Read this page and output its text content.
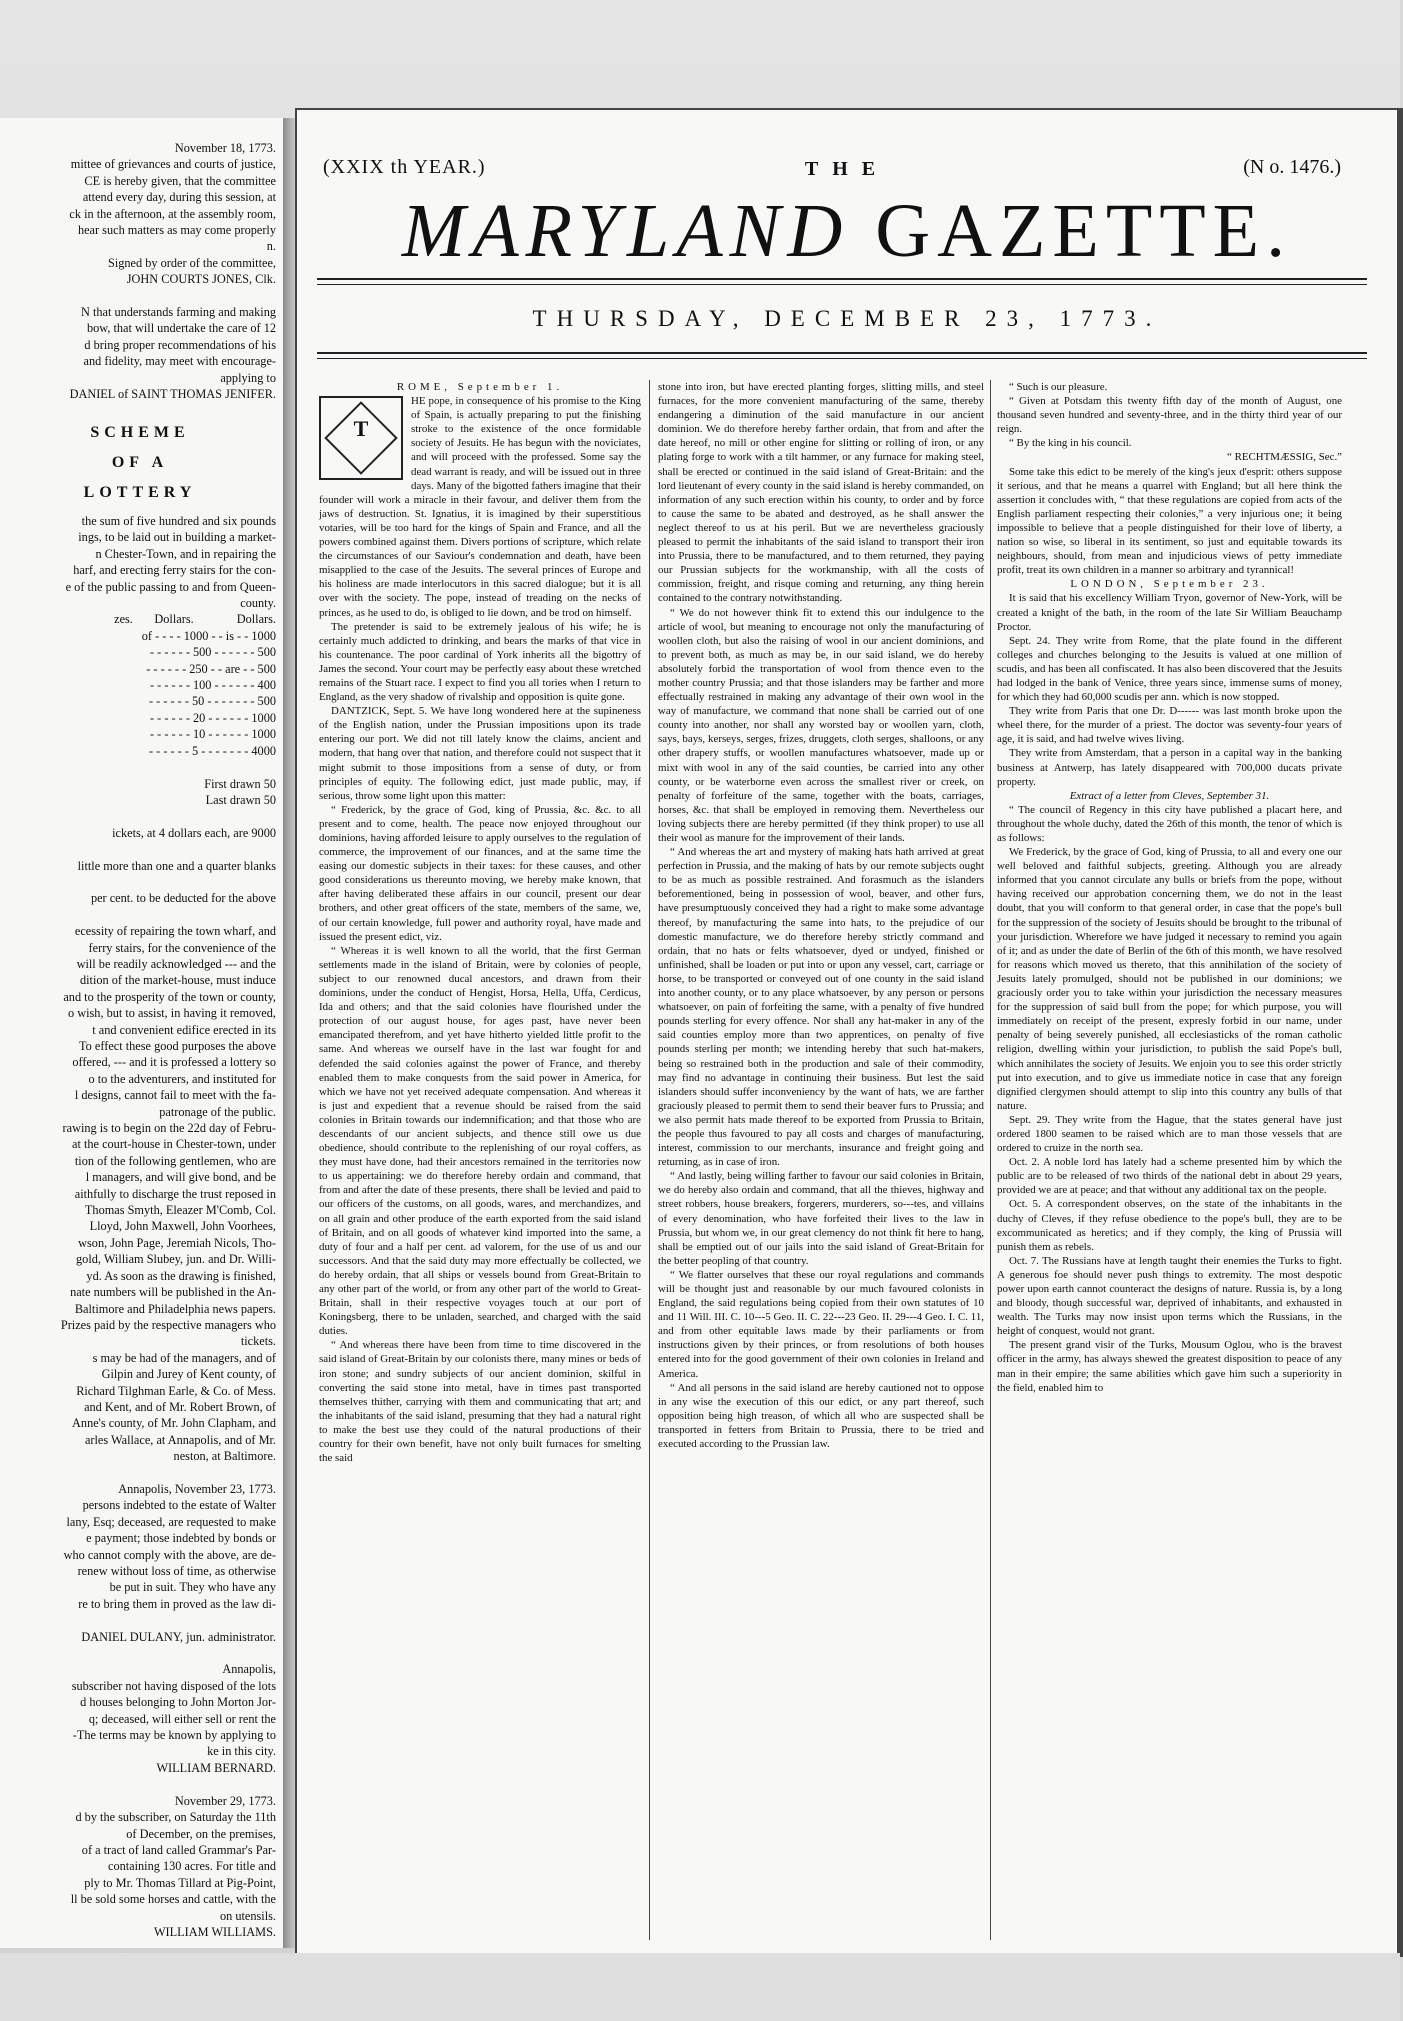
November 18, 1773.
mittee of grievances and courts of justice,
CE is hereby given, that the committee
attend every day, during this session, at
ck in the afternoon, at the assembly room,
hear such matters as may come properly
n.
Signed by order of the committee,
JOHN COURTS JONES, Clk.

N that understands farming and making
bow, that will undertake the care of 12
d bring proper recommendations of his
and fidelity, may meet with encourage-
applying to
DANIEL of SAINT THOMAS JENIFER.
SCHEME
OF A
LOTTERY
the sum of five hundred and six pounds
ings, to be laid out in building a market-
n Chester-Town, and in repairing the
harf, and erecting ferry stairs for the con-
e of the public passing to and from Queen-
county.
zes.       Dollars.              Dollars.
of - - - - 1000 - - is - - 1000
- - - - - - 500 - - - - - - 500
- - - - - - 250 - - are - - 500
- - - - - - 100 - - - - - - 400
- - - - - - 50 - - - - - - - 500
- - - - - - 20 - - - - - - 1000
- - - - - - 10 - - - - - - 1000
- - - - - - 5 - - - - - - - 4000

First drawn 50
Last drawn 50

ickets, at 4 dollars each, are 9000

little more than one and a quarter blanks

per cent. to be deducted for the above

ecessity of repairing the town wharf, and
ferry stairs, for the convenience of the
will be readily acknowledged --- and the
dition of the market-house, must induce
and to the prosperity of the town or county,
o wish, but to assist, in having it removed,
t and convenient edifice erected in its
To effect these good purposes the above
offered, --- and it is professed a lottery so
o to the adventurers, and instituted for
l designs, cannot fail to meet with the fa-
patronage of the public.
rawing is to begin on the 22d day of Febru-
at the court-house in Chester-town, under
tion of the following gentlemen, who are
l managers, and will give bond, and be
aithfully to discharge the trust reposed in
Thomas Smyth, Eleazer M'Comb, Col.
Lloyd, John Maxwell, John Voorhees,
wson, John Page, Jeremiah Nicols, Tho-
gold, William Slubey, jun. and Dr. Willi-
yd. As soon as the drawing is finished,
nate numbers will be published in the An-
Baltimore and Philadelphia news papers.
Prizes paid by the respective managers who
tickets.
s may be had of the managers, and of
Gilpin and Jurey of Kent county, of
Richard Tilghman Earle, & Co. of Mess.
and Kent, and of Mr. Robert Brown, of
Anne's county, of Mr. John Clapham, and
arles Wallace, at Annapolis, and of Mr.
neston, at Baltimore.

Annapolis, November 23, 1773.
persons indebted to the estate of Walter
lany, Esq; deceased, are requested to make
e payment; those indebted by bonds or
who cannot comply with the above, are de-
renew without loss of time, as otherwise
be put in suit. They who have any
re to bring them in proved as the law di-

DANIEL DULANY, jun. administrator.

Annapolis,
subscriber not having disposed of the lots
d houses belonging to John Morton Jor-
q; deceased, will either sell or rent the
-The terms may be known by applying to
ke in this city.
WILLIAM BERNARD.

November 29, 1773.
d by the subscriber, on Saturday the 11th
of December, on the premises,
of a tract of land called Grammar's Par-
containing 130 acres. For title and
ply to Mr. Thomas Tillard at Pig-Point,
ll be sold some horses and cattle, with the
on utensils.
WILLIAM WILLIAMS.

(XXIX th YEAR.)	THE	(N o. 1476.)
MARYLAND GAZETTE.
THURSDAY, DECEMBER 23, 1773.

ROME, September 1.

T

HE pope, in consequence of his promise to the King of Spain, is actually preparing to put the finishing stroke to the existence of the once formidable society of Jesuits. He has begun with the noviciates, and will proceed with the professed. Some say the dead warrant is ready, and will be issued out in three days. Many of the bigotted fathers imagine that their founder will work a miracle in their favour, and deliver them from the jaws of destruction. St. Ignatius, it is imagined by their superstitious votaries, will be too hard for the kings of Spain and France, and all the powers combined against them. Divers portions of scripture, which relate the circumstances of our Saviour's condemnation and death, have been misapplied to the case of the Jesuits. The several princes of Europe and his holiness are made interlocutors in this sacred dialogue; but it is all over with the society. The pope, instead of treading on the necks of princes, as he used to do, is obliged to lie down, and be trod on himself.

The pretender is said to be extremely jealous of his wife; he is certainly much addicted to drinking, and bears the marks of that vice in his countenance. The poor cardinal of York inherits all the bigottry of James the second. Your court may be perfectly easy about these wretched remains of the Stuart race. I expect to find you all tories when I return to England, as the very shadow of rivalship and opposition is quite gone.

DANTZICK, Sept. 5. We have long wondered here at the supineness of the English nation, under the Prussian impositions upon its trade entering our port. We did not till lately know the claims, ancient and modern, that hang over that nation, and therefore could not suspect that it might submit to those impositions from a sense of duty, or from principles of equity. The following edict, just made public, may, if serious, throw some light upon this matter:

“ Frederick, by the grace of God, king of Prussia, &c. &c. to all present and to come, health. The peace now enjoyed throughout our dominions, having afforded leisure to apply ourselves to the regulation of commerce, the improvement of our finances, and at the same time the easing our domestic subjects in their taxes: for these causes, and other good considerations us thereunto moving, we hereby make known, that after having deliberated these affairs in our council, present our dear brothers, and other great officers of the state, members of the same, we, of our certain knowledge, full power and authority royal, have made and issued the present edict, viz.

“ Whereas it is well known to all the world, that the first German settlements made in the island of Britain, were by colonies of people, subject to our renowned ducal ancestors, and drawn from their dominions, under the conduct of Hengist, Horsa, Hella, Uffa, Cerdicus, Ida and others; and that the said colonies have flourished under the protection of our august house, for ages past, have never been emancipated therefrom, and yet have hitherto yielded little profit to the same. And whereas we ourself have in the last war fought for and defended the said colonies against the power of France, and thereby enabled them to make conquests from the said power in America, for which we have not yet received adequate compensation. And whereas it is just and expedient that a revenue should be raised from the said colonies in Britain towards our indemnification; and that those who are descendants of our ancient subjects, and thence still owe us due obedience, should contribute to the replenishing of our royal coffers, as they must have done, had their ancestors remained in the territories now to us appertaining: we do therefore hereby ordain and command, that from and after the date of these presents, there shall be levied and paid to our officers of the customs, on all goods, wares, and merchandizes, and on all grain and other produce of the earth exported from the said island of Britain, and on all goods of whatever kind imported into the same, a duty of four and a half per cent. ad valorem, for the use of us and our successors. And that the said duty may more effectually be collected, we do hereby ordain, that all ships or vessels bound from Great-Britain to any other part of the world, or from any other part of the world to Great-Britain, shall in their respective voyages touch at our port of Koningsberg, there to be unladen, searched, and charged with the said duties.

“ And whereas there have been from time to time discovered in the said island of Great-Britain by our colonists there, many mines or beds of iron stone; and sundry subjects of our ancient dominion, skilful in converting the said stone into metal, have in times past transported themselves thither, carrying with them and communicating that art; and the inhabitants of the said island, presuming that they had a natural right to make the best use they could of the natural productions of their country for their own benefit, have not only built furnaces for smelting the said

stone into iron, but have erected planting forges, slitting mills, and steel furnaces, for the more convenient manufacturing of the same, thereby endangering a diminution of the said manufacture in our ancient dominion. We do therefore hereby farther ordain, that from and after the date hereof, no mill or other engine for slitting or rolling of iron, or any plating forge to work with a tilt hammer, or any furnace for making steel, shall be erected or continued in the said island of Great-Britain: and the lord lieutenant of every county in the said island is hereby commanded, on information of any such erection within his county, to order and by force to cause the same to be abated and destroyed, as he shall answer the neglect thereof to us at his peril. But we are nevertheless graciously pleased to permit the inhabitants of the said island to transport their iron into Prussia, there to be manufactured, and to them returned, they paying our Prussian subjects for the workmanship, with all the costs of commission, freight, and risque coming and returning, any thing herein contained to the contrary notwithstanding.

“ We do not however think fit to extend this our indulgence to the article of wool, but meaning to encourage not only the manufacturing of woollen cloth, but also the raising of wool in our ancient dominions, and to prevent both, as much as may be, in our said island, we do hereby absolutely forbid the transportation of wool from thence even to the mother country Prussia; and that those islanders may be farther and more effectually restrained in making any advantage of their own wool in the way of manufacture, we command that none shall be carried out of one county into another, nor shall any worsted bay or woollen yarn, cloth, says, bays, kerseys, serges, frizes, druggets, cloth serges, shalloons, or any other drapery stuffs, or woollen manufactures whatsoever, made up or mixt with wool in any of the said counties, be carried into any other county, or be waterborne even across the smallest river or creek, on penalty of forfeiture of the same, together with the boats, carriages, horses, &c. that shall be employed in removing them. Nevertheless our loving subjects there are hereby permitted (if they think proper) to use all their wool as manure for the improvement of their lands.

“ And whereas the art and mystery of making hats hath arrived at great perfection in Prussia, and the making of hats by our remote subjects ought to be as much as possible restrained. And forasmuch as the islanders beforementioned, being in possession of wool, beaver, and other furs, have presumptuously conceived they had a right to make some advantage thereof, by manufacturing the same into hats, to the prejudice of our domestic manufacture, we do therefore hereby strictly command and ordain, that no hats or felts whatsoever, dyed or undyed, finished or unfinished, shall be loaden or put into or upon any vessel, cart, carriage or horse, to be transported or conveyed out of one county in the said island into another county, or to any place whatsoever, by any person or persons whatsoever, on pain of forfeiting the same, with a penalty of five hundred pounds sterling for every offence. Nor shall any hat-maker in any of the said counties employ more than two apprentices, on penalty of five pounds sterling per month; we intending hereby that such hat-makers, being so restrained both in the production and sale of their commodity, may find no advantage in continuing their business. But lest the said islanders should suffer inconveniency by the want of hats, we are farther graciously pleased to permit them to send their beaver furs to Prussia; and we also permit hats made thereof to be exported from Prussia to Britain, the people thus favoured to pay all costs and charges of manufacturing, interest, commission to our merchants, insurance and freight going and returning, as in case of iron.

“ And lastly, being willing farther to favour our said colonies in Britain, we do hereby also ordain and command, that all the thieves, highway and street robbers, house breakers, forgerers, murderers, so---tes, and villains of every denomination, who have forfeited their lives to the law in Prussia, but whom we, in our great clemency do not think fit here to hang, shall be emptied out of our jails into the said island of Great-Britain for the better peopling of that country.

“ We flatter ourselves that these our royal regulations and commands will be thought just and reasonable by our much favoured colonists in England, the said regulations being copied from their own statutes of 10 and 11 Will. III. C. 10---5 Geo. II. C. 22---23 Geo. II. 29---4 Geo. I. C. 11, and from other equitable laws made by their parliaments or from instructions given by their princes, or from resolutions of both houses entered into for the good government of their own colonies in Ireland and America.

“ And all persons in the said island are hereby cautioned not to oppose in any wise the execution of this our edict, or any part thereof, such opposition being high treason, of which all who are suspected shall be transported in fetters from Britain to Prussia, there to be tried and executed according to the Prussian law.

“ Such is our pleasure.

“ Given at Potsdam this twenty fifth day of the month of August, one thousand seven hundred and seventy-three, and in the thirty third year of our reign.

“ By the king in his council.

“ RECHTMÆSSIG, Sec.”

Some take this edict to be merely of the king's jeux d'esprit: others suppose it serious, and that he means a quarrel with England; but all here think the assertion it concludes with, “ that these regulations are copied from acts of the English parliament respecting their colonies,” a very injurious one; it being impossible to believe that a people distinguished for their love of liberty, a nation so wise, so liberal in its sentiment, so just and equitable towards its neighbours, should, from mean and injudicious views of petty immediate profit, treat its own children in a manner so arbitrary and tyrannical!

LONDON, September 23.

It is said that his excellency William Tryon, governor of New-York, will be created a knight of the bath, in the room of the late Sir William Beauchamp Proctor.

Sept. 24. They write from Rome, that the plate found in the different colleges and churches belonging to the Jesuits is valued at one million of scudis, and has been all confiscated. It has also been discovered that the Jesuits had lodged in the bank of Venice, three years since, immense sums of money, for which they had 60,000 scudis per ann. which is now stopped.

They write from Paris that one Dr. D------ was last month broke upon the wheel there, for the murder of a priest. The doctor was seventy-four years of age, it is said, and had twelve wives living.

They write from Amsterdam, that a person in a capital way in the banking business at Antwerp, has lately disappeared with 700,000 ducats private property.

Extract of a letter from Cleves, September 31.

“ The council of Regency in this city have published a placart here, and throughout the whole duchy, dated the 26th of this month, the tenor of which is as follows:

We Frederick, by the grace of God, king of Prussia, to all and every one our well beloved and faithful subjects, greeting. Although you are already informed that you cannot circulate any bulls or briefs from the pope, without having received our approbation concerning them, we do not in the least doubt, that you will conform to that general order, in case that the pope's bull for the suppression of the society of Jesuits should be brought to the tribunal of your jurisdiction. Wherefore we have judged it necessary to remind you again of it; and as under the date of Berlin of the 6th of this month, we have resolved for reasons which moved us thereto, that this annihilation of the society of Jesuits lately promulged, should not be published in our dominions; we graciously order you to take within your jurisdiction the necessary measures for the suppression of said bull from the pope; for which purpose, you will immediately on receipt of the present, expresly forbid in our name, under penalty of being severely punished, all ecclesiasticks of the roman catholic religion, dwelling within your jurisdiction, to publish the said Pope's bull, which annihilates the society of Jesuits. We enjoin you to see this order strictly put into execution, and to give us immediate notice in case that any foreign dignified clergymen should attempt to slip into this country any bulls of that nature.

Sept. 29. They write from the Hague, that the states general have just ordered 1800 seamen to be raised which are to man those vessels that are ordered to cruize in the north sea.

Oct. 2. A noble lord has lately had a scheme presented him by which the public are to be released of two thirds of the national debt in about 29 years, provided we are at peace; and that without any additional tax on the people.

Oct. 5. A correspondent observes, on the state of the inhabitants in the duchy of Cleves, if they refuse obedience to the pope's bull, they are to be excommunicated as heretics; and if they comply, the king of Prussia will punish them as rebels.

Oct. 7. The Russians have at length taught their enemies the Turks to fight. A generous foe should never push things to extremity. The most despotic power upon earth cannot counteract the designs of nature. Russia is, by a long and bloody, though successful war, deprived of inhabitants, and exhausted in wealth. The Turks may now insist upon terms which the Russians, in the height of conquest, would not grant.

The present grand visir of the Turks, Mousum Oglou, who is the bravest officer in the army, has always shewed the greatest disposition to peace of any man in their empire; the same abilities which gave him such a superiority in the field, enabled him to
